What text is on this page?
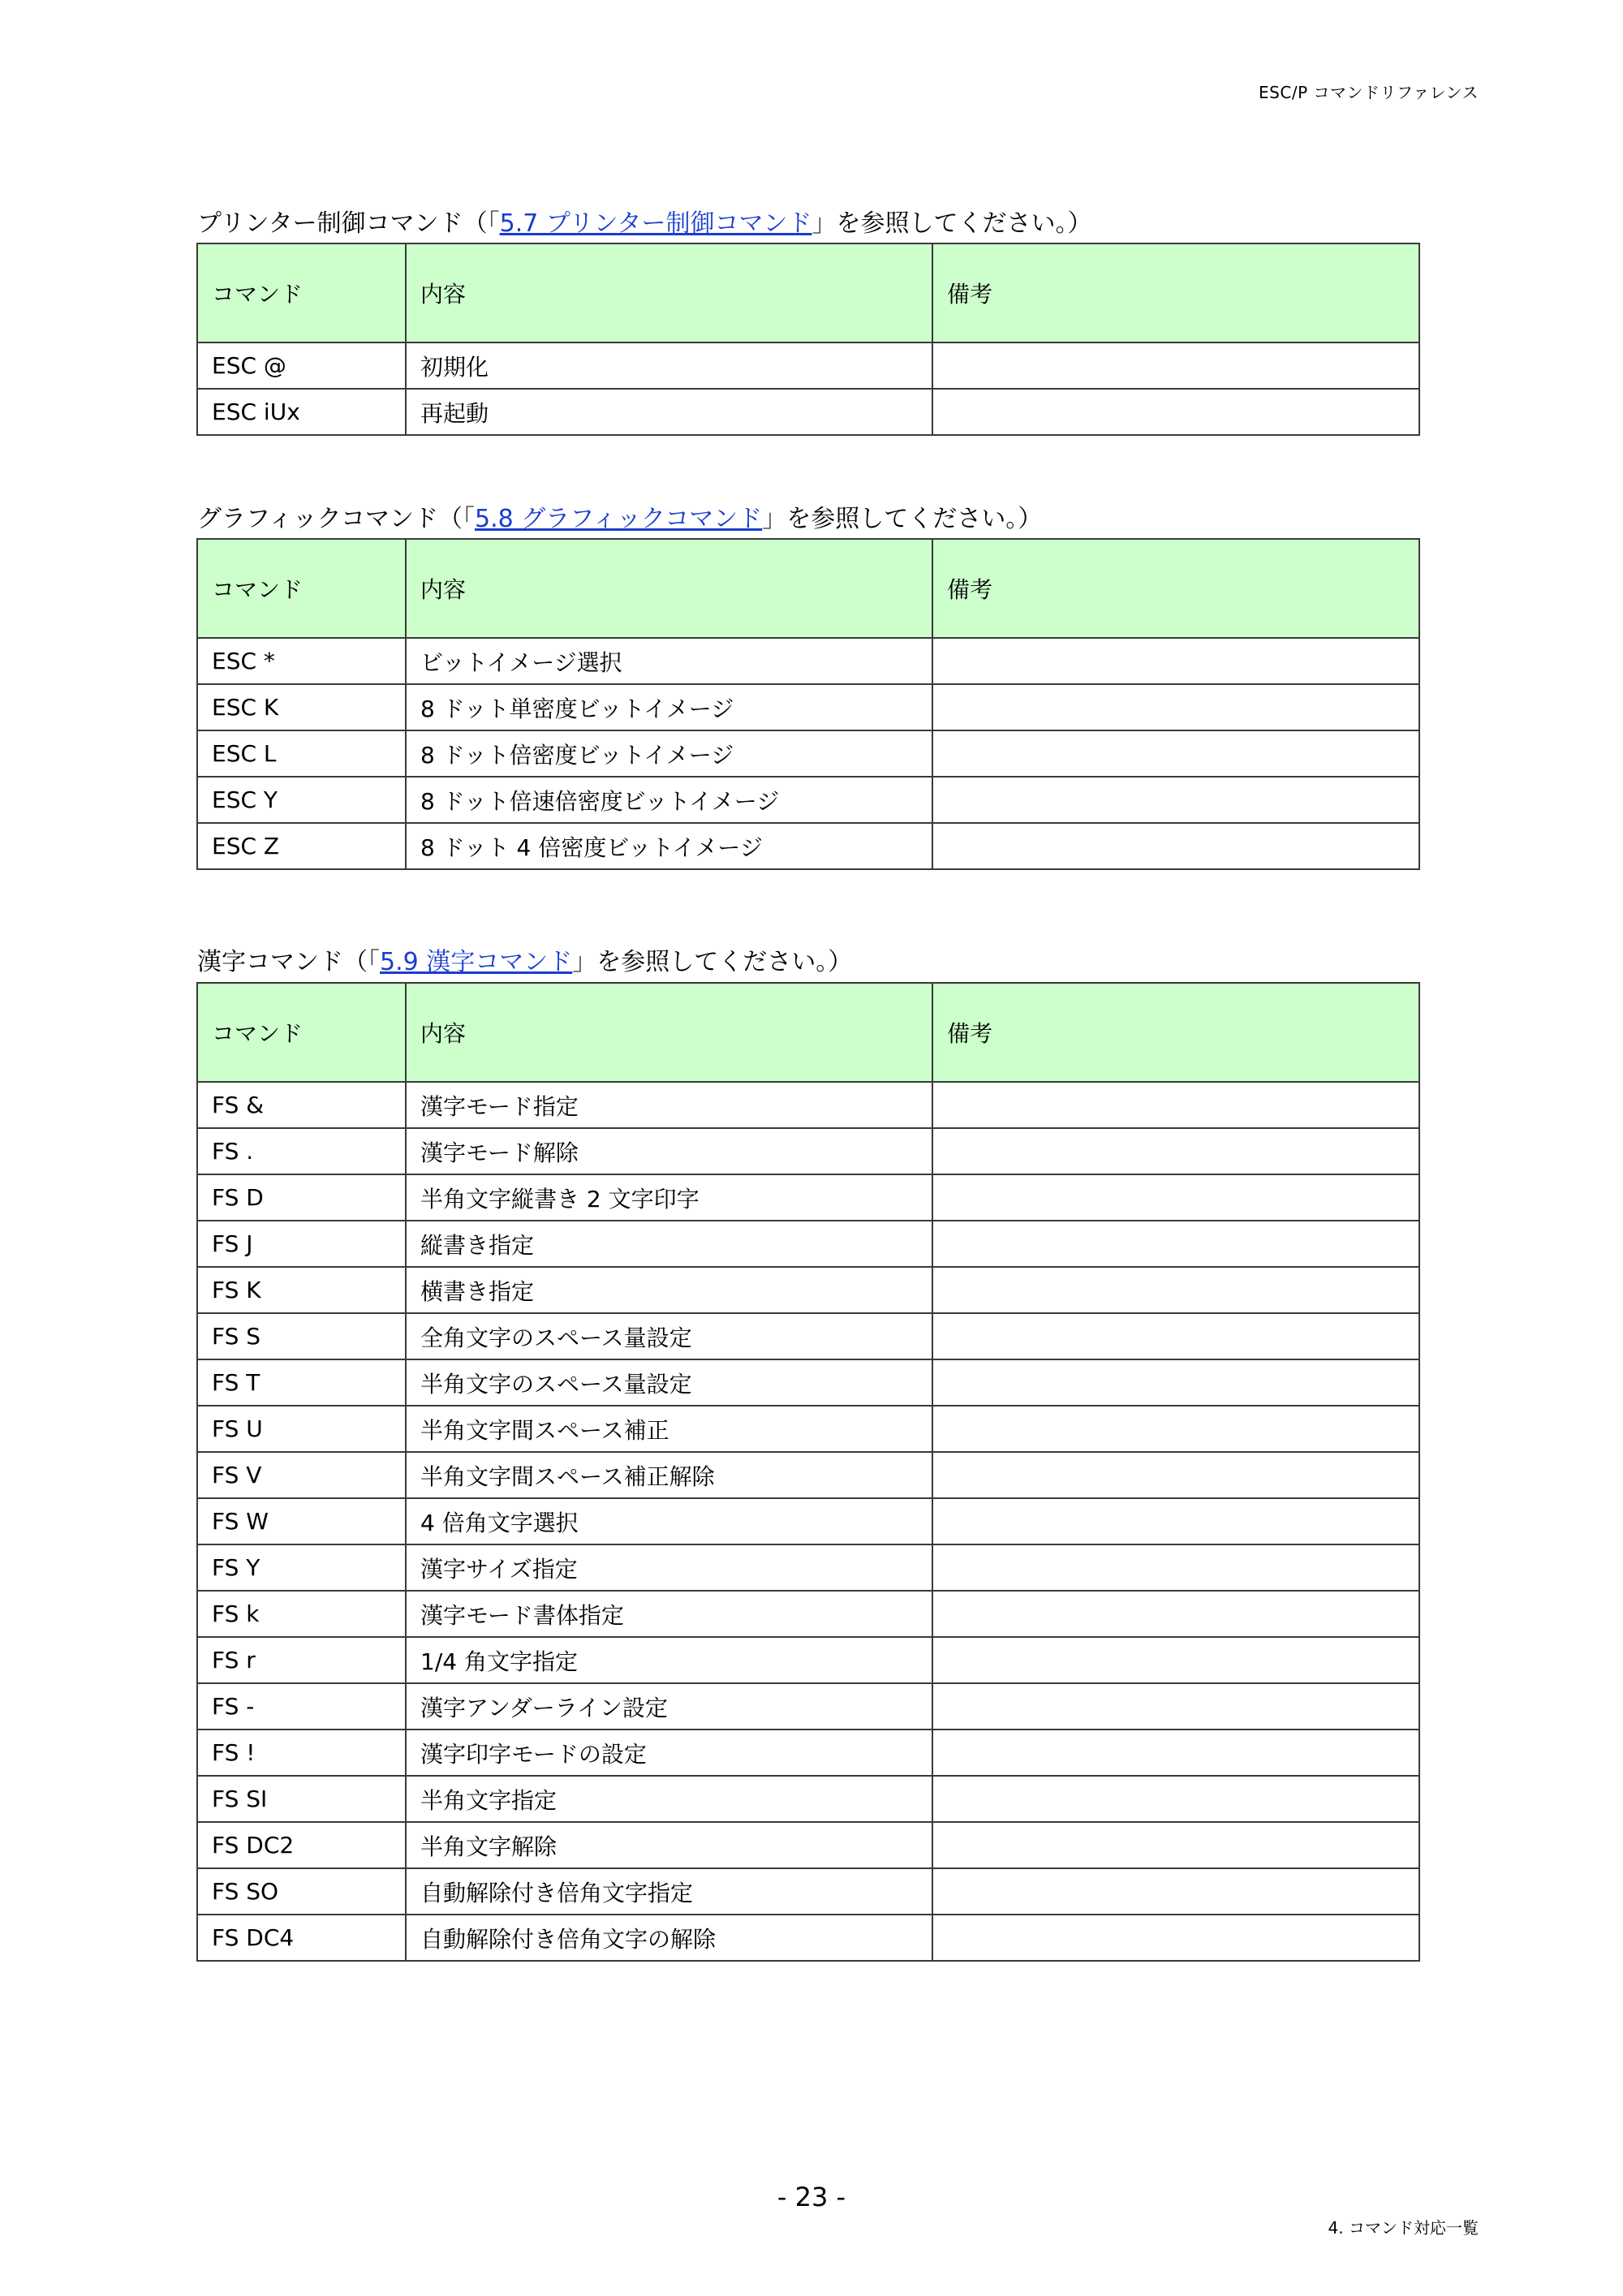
ESC/P コマンドリファレンス
プリンター制御コマンド（「5.7 プリンター制御コマンド」を参照してください。）
コマンド	内容	備考
ESC @	初期化	
ESC iUx	再起動	
グラフィックコマンド（「5.8 グラフィックコマンド」を参照してください。）
コマンド	内容	備考
ESC *	ビットイメージ選択	
ESC K	8 ドット単密度ビットイメージ	
ESC L	8 ドット倍密度ビットイメージ	
ESC Y	8 ドット倍速倍密度ビットイメージ	
ESC Z	8 ドット 4 倍密度ビットイメージ	
漢字コマンド（「5.9 漢字コマンド」を参照してください。）
コマンド	内容	備考
FS &	漢字モード指定	
FS .	漢字モード解除	
FS D	半角文字縦書き 2 文字印字	
FS J	縦書き指定	
FS K	横書き指定	
FS S	全角文字のスペース量設定	
FS T	半角文字のスペース量設定	
FS U	半角文字間スペース補正	
FS V	半角文字間スペース補正解除	
FS W	4 倍角文字選択	
FS Y	漢字サイズ指定	
FS k	漢字モード書体指定	
FS r	1/4 角文字指定	
FS -	漢字アンダーライン設定	
FS !	漢字印字モードの設定	
FS SI	半角文字指定	
FS DC2	半角文字解除	
FS SO	自動解除付き倍角文字指定	
FS DC4	自動解除付き倍角文字の解除	
- 23 -
4. コマンド対応一覧
